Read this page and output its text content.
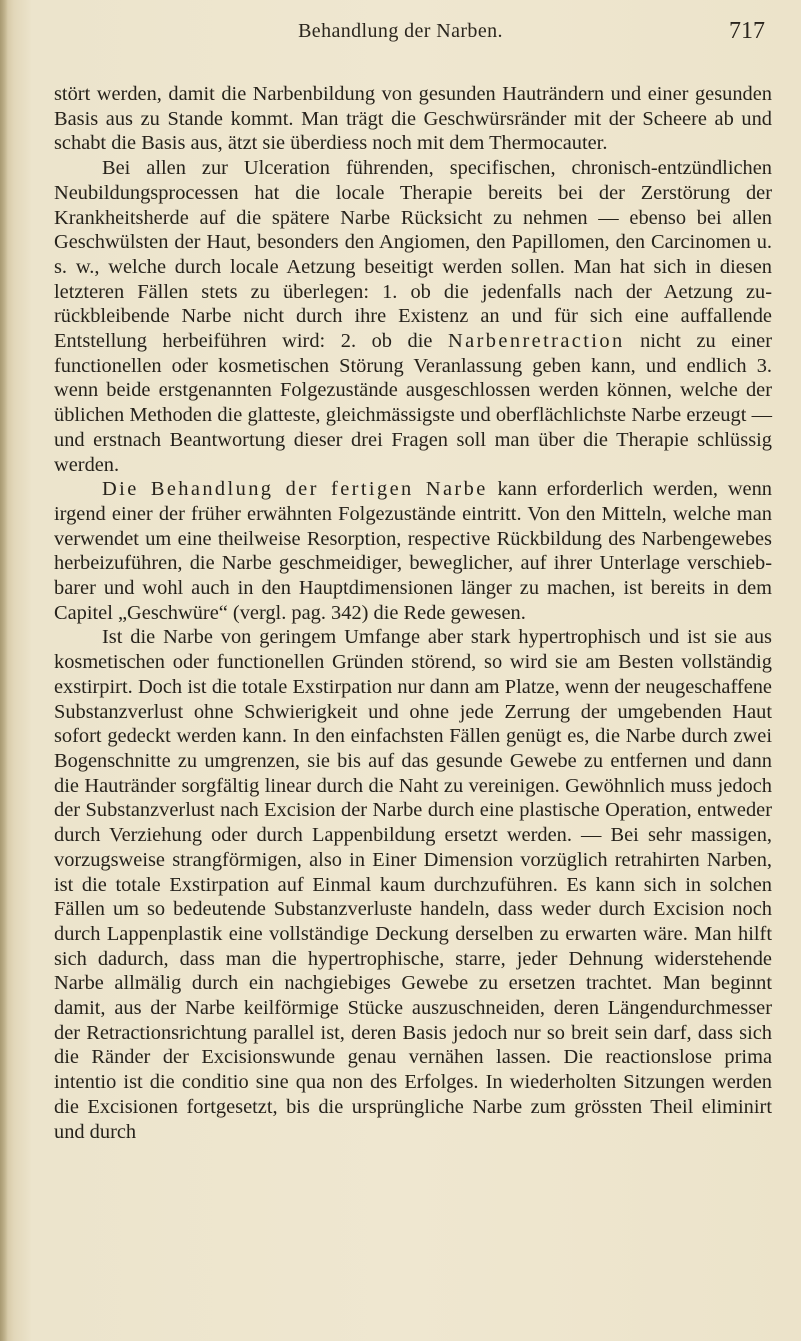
Behandlung der Narben.	717

stört werden, damit die Narbenbildung von gesunden Hauträndern und einer gesunden Basis aus zu Stande kommt. Man trägt die Geschwürsränder mit der Scheere ab und schabt die Basis aus, ätzt sie überdiess noch mit dem Thermocauter.

Bei allen zur Ulceration führenden, specifischen, chronisch-entzündlichen Neubildungsprocessen hat die locale Therapie bereits bei der Zerstörung der Krankheitsherde auf die spätere Narbe Rücksicht zu nehmen — ebenso bei allen Geschwülsten der Haut, besonders den Angiomen, den Papillomen, den Carcinomen u. s. w., welche durch locale Aetzung beseitigt werden sollen. Man hat sich in diesen letzteren Fällen stets zu überlegen: 1. ob die jedenfalls nach der Aetzung zurückbleibende Narbe nicht durch ihre Existenz an und für sich eine auffallende Entstellung herbeiführen wird: 2. ob die Narbenretraction nicht zu einer functionellen oder kosmetischen Störung Veranlassung geben kann, und endlich 3. wenn beide erstgenannten Folgezustände ausgeschlossen werden können, welche der üblichen Methoden die glatteste, gleichmässigste und oberflächlichste Narbe erzeugt — und erstnach Beantwortung dieser drei Fragen soll man über die Therapie schlüssig werden.

Die Behandlung der fertigen Narbe kann erforderlich werden, wenn irgend einer der früher erwähnten Folgezustände eintritt. Von den Mitteln, welche man verwendet um eine theilweise Resorption, respective Rückbildung des Narbengewebes herbeizuführen, die Narbe geschmeidiger, beweglicher, auf ihrer Unterlage verschiebbarer und wohl auch in den Hauptdimensionen länger zu machen, ist bereits in dem Capitel „Geschwüre“ (vergl. pag. 342) die Rede gewesen.

Ist die Narbe von geringem Umfange aber stark hypertrophisch und ist sie aus kosmetischen oder functionellen Gründen störend, so wird sie am Besten vollständig exstirpirt. Doch ist die totale Exstirpation nur dann am Platze, wenn der neugeschaffene Substanzverlust ohne Schwierigkeit und ohne jede Zerrung der umgebenden Haut sofort gedeckt werden kann. In den einfachsten Fällen genügt es, die Narbe durch zwei Bogenschnitte zu umgrenzen, sie bis auf das gesunde Gewebe zu entfernen und dann die Hautränder sorgfältig linear durch die Naht zu vereinigen. Gewöhnlich muss jedoch der Substanzverlust nach Excision der Narbe durch eine plastische Operation, entweder durch Verziehung oder durch Lappenbildung ersetzt werden. — Bei sehr massigen, vorzugsweise strangförmigen, also in Einer Dimension vorzüglich retrahirten Narben, ist die totale Exstirpation auf Einmal kaum durchzuführen. Es kann sich in solchen Fällen um so bedeutende Substanzverluste handeln, dass weder durch Excision noch durch Lappenplastik eine vollständige Deckung derselben zu erwarten wäre. Man hilft sich dadurch, dass man die hypertrophische, starre, jeder Dehnung widerstehende Narbe allmälig durch ein nachgiebiges Gewebe zu ersetzen trachtet. Man beginnt damit, aus der Narbe keilförmige Stücke auszuschneiden, deren Längendurchmesser der Retractionsrichtung parallel ist, deren Basis jedoch nur so breit sein darf, dass sich die Ränder der Excisionswunde genau vernähen lassen. Die reactionslose prima intentio ist die conditio sine qua non des Erfolges. In wiederholten Sitzungen werden die Excisionen fortgesetzt, bis die ursprüngliche Narbe zum grössten Theil eliminirt und durch
